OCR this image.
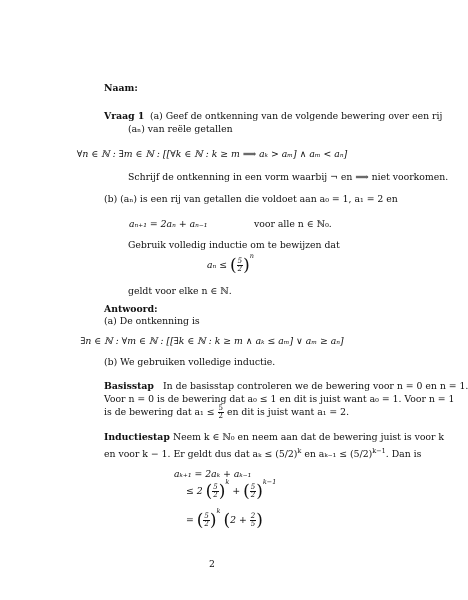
Naam:
Vraag 1 (a) Geef de ontkenning van de volgende bewering over een rij
(aₙ) van reële getallen
∀n ∈ ℕ : ∃m ∈ ℕ : [[∀k ∈ ℕ : k ≥ m ⟹ aₖ > aₘ] ∧ aₘ < aₙ]
Schrijf de ontkenning in een vorm waarbij ¬ en ⟹ niet voorkomen.
(b) (aₙ) is een rij van getallen die voldoet aan a₀ = 1, a₁ = 2 en
aₙ₊₁ = 2aₙ + aₙ₋₁	voor alle n ∈ ℕ₀.
Gebruik volledig inductie om te bewijzen dat
aₙ ≤ ( $\frac{5}{2} )^n$
geldt voor elke n ∈ ℕ.
Antwoord:
(a) De ontkenning is
∃n ∈ ℕ : ∀m ∈ ℕ : [[∃k ∈ ℕ : k ≥ m ∧ aₖ ≤ aₘ] ∨ aₘ ≥ aₙ]
(b) We gebruiken volledige inductie.
Basisstap In de basisstap controleren we de bewering voor n = 0 en n = 1.
Voor n = 0 is de bewering dat a₀ ≤ 1 en dit is juist want a₀ = 1. Voor n = 1
is de bewering dat $a_1 \le \frac{5}{2}$ en dit is juist want a₁ = 2.
Inductiestap Neem k ∈ ℕ₀ en neem aan dat de bewering juist is voor k
en voor k − 1. Er geldt dus dat $a_k \le (5/2)^k$ en $a_{k-1} \le (5/2)^{k-1}$. Dan is
aₖ₊₁ = 2aₖ + aₖ₋₁
≤ 2 ( $\frac{5}{2} )^k$ + ( $\frac{5}{2} )^{k-1}$
= ( $\frac{5}{2} )^k$ ($2 + \frac{2}{5}$ )
2
